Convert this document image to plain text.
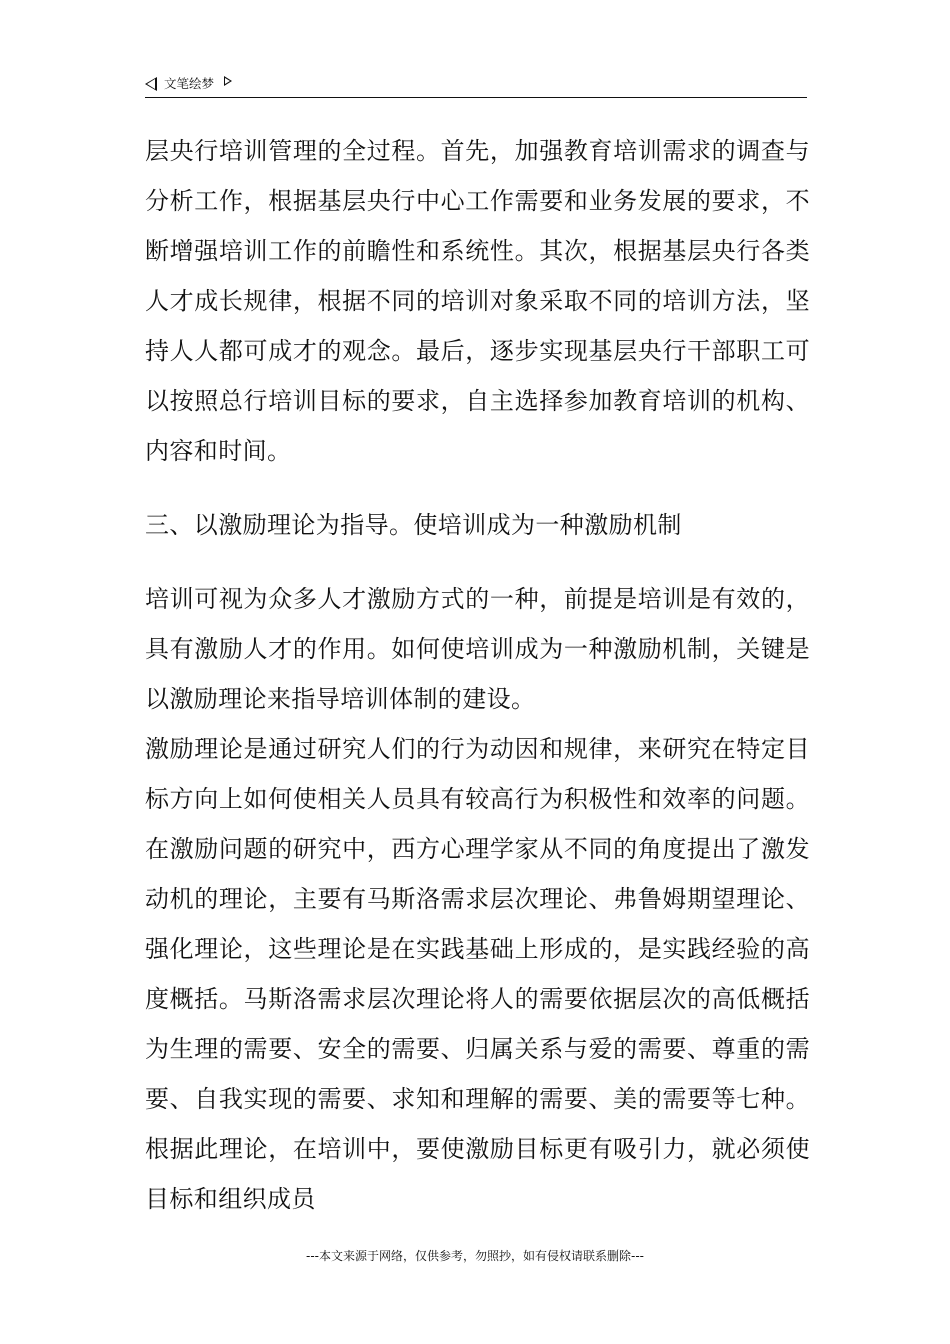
文笔绘梦

层央行培训管理的全过程。首先，加强教育培训需求的调查与分析工作，根据基层央行中心工作需要和业务发展的要求，不断增强培训工作的前瞻性和系统性。其次，根据基层央行各类人才成长规律，根据不同的培训对象采取不同的培训方法，坚持人人都可成才的观念。最后，逐步实现基层央行干部职工可以按照总行培训目标的要求，自主选择参加教育培训的机构、内容和时间。

三、以激励理论为指导。使培训成为一种激励机制

培训可视为众多人才激励方式的一种，前提是培训是有效的，具有激励人才的作用。如何使培训成为一种激励机制，关键是以激励理论来指导培训体制的建设。

激励理论是通过研究人们的行为动因和规律，来研究在特定目标方向上如何使相关人员具有较高行为积极性和效率的问题。在激励问题的研究中，西方心理学家从不同的角度提出了激发动机的理论，主要有马斯洛需求层次理论、弗鲁姆期望理论、强化理论，这些理论是在实践基础上形成的，是实践经验的高度概括。马斯洛需求层次理论将人的需要依据层次的高低概括为生理的需要、安全的需要、归属关系与爱的需要、尊重的需要、自我实现的需要、求知和理解的需要、美的需要等七种。根据此理论，在培训中，要使激励目标更有吸引力，就必须使目标和组织成员

---本文来源于网络，仅供参考，勿照抄，如有侵权请联系删除---
